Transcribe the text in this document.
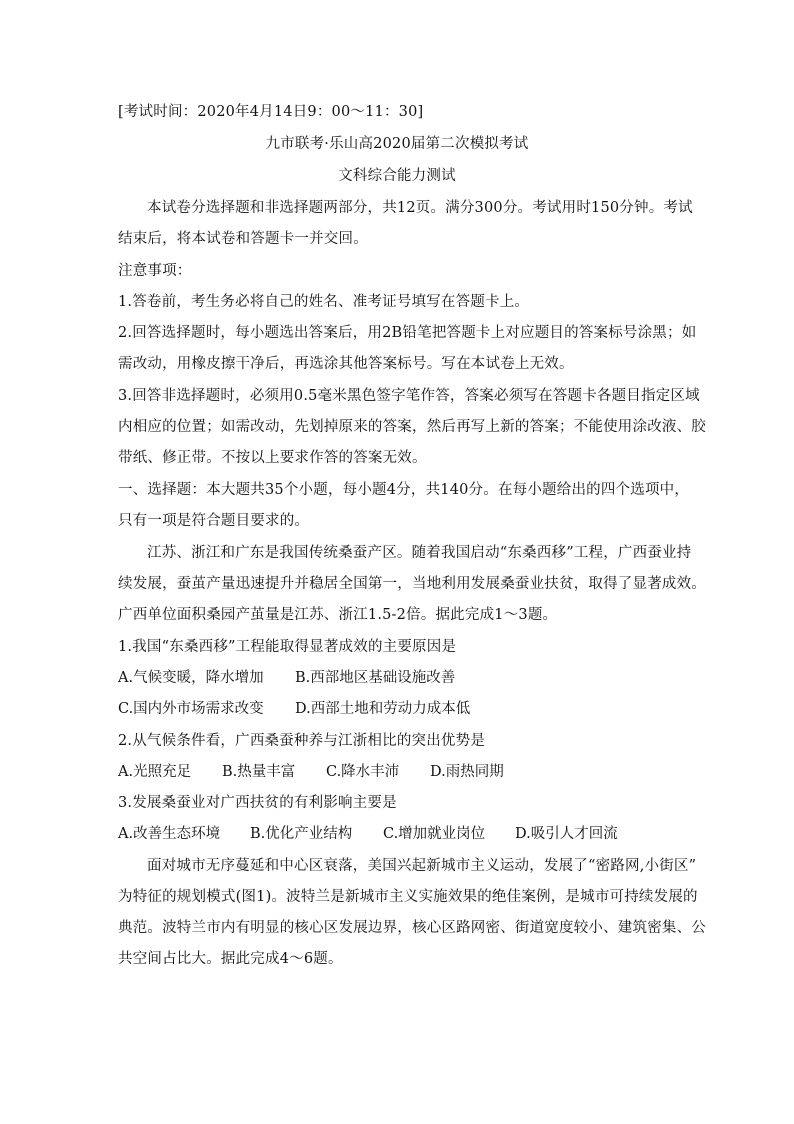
[考试时间：2020年4月14日9：00～11：30]
九市联考·乐山高2020届第二次模拟考试
文科综合能力测试
本试卷分选择题和非选择题两部分，共12页。满分300分。考试用时150分钟。考试
结束后，将本试卷和答题卡一并交回。
注意事项：
1.答卷前，考生务必将自己的姓名、准考证号填写在答题卡上。
2.回答选择题时，每小题选出答案后，用2B铅笔把答题卡上对应题目的答案标号涂黑；如
需改动，用橡皮擦干净后，再选涂其他答案标号。写在本试卷上无效。
3.回答非选择题时，必须用0.5毫米黑色签字笔作答，答案必须写在答题卡各题目指定区域
内相应的位置；如需改动，先划掉原来的答案，然后再写上新的答案；不能使用涂改液、胶
带纸、修正带。不按以上要求作答的答案无效。
一、选择题：本大题共35个小题，每小题4分，共140分。在每小题给出的四个选项中，
只有一项是符合题目要求的。
江苏、浙江和广东是我国传统桑蚕产区。随着我国启动“东桑西移”工程，广西蚕业持
续发展，蚕茧产量迅速提升并稳居全国第一，当地利用发展桑蚕业扶贫，取得了显著成效。
广西单位面积桑园产茧量是江苏、浙江1.5-2倍。据此完成1～3题。
1.我国“东桑西移”工程能取得显著成效的主要原因是
A.气候变暖，降水增加 B.西部地区基础设施改善
C.国内外市场需求改变 D.西部土地和劳动力成本低
2.从气候条件看，广西桑蚕种养与江浙相比的突出优势是
A.光照充足 B.热量丰富 C.降水丰沛 D.雨热同期
3.发展桑蚕业对广西扶贫的有利影响主要是
A.改善生态环境 B.优化产业结构 C.增加就业岗位 D.吸引人才回流
面对城市无序蔓延和中心区衰落，美国兴起新城市主义运动，发展了“密路网,小街区”
为特征的规划模式(图1)。波特兰是新城市主义实施效果的绝佳案例，是城市可持续发展的
典范。波特兰市内有明显的核心区发展边界，核心区路网密、街道宽度较小、建筑密集、公
共空间占比大。据此完成4～6题。
